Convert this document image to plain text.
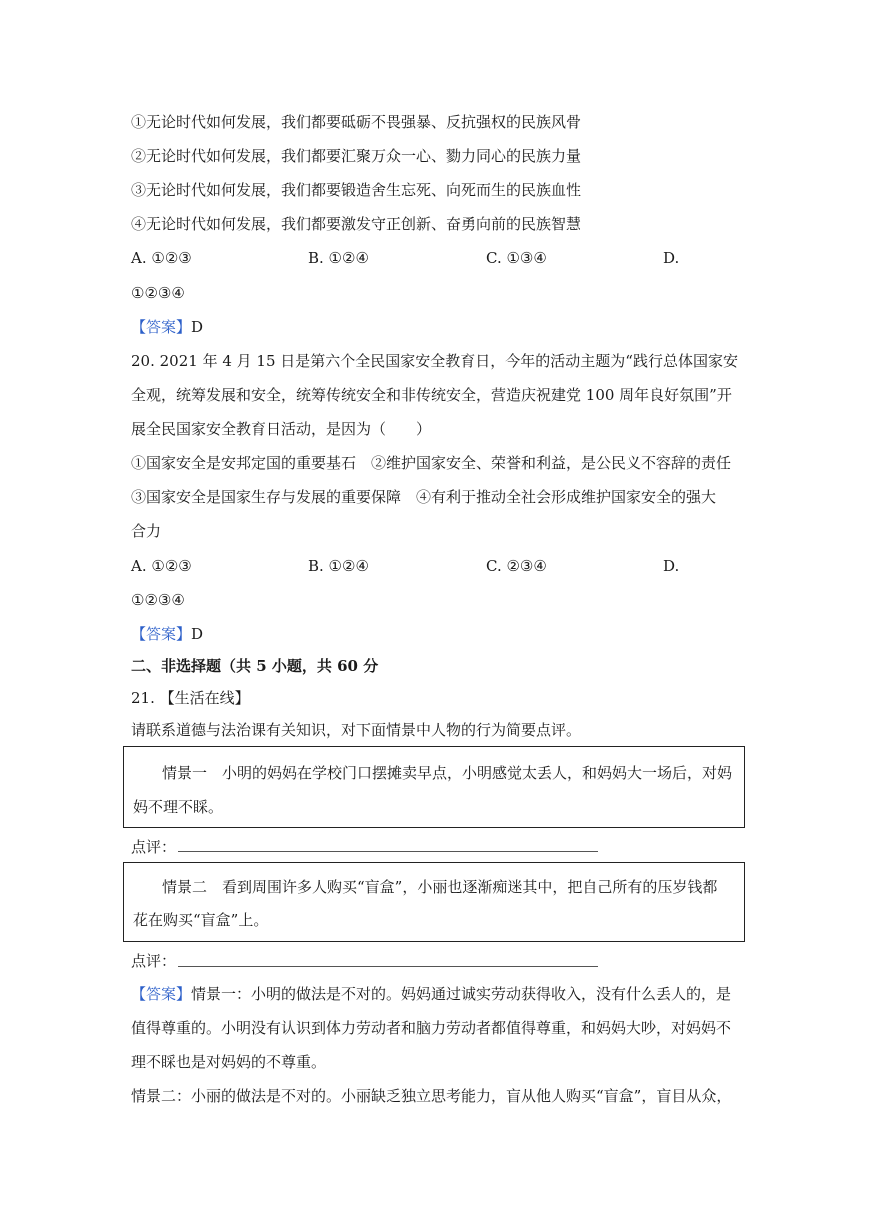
①无论时代如何发展，我们都要砥砺不畏强暴、反抗强权的民族风骨
②无论时代如何发展，我们都要汇聚万众一心、勠力同心的民族力量
③无论时代如何发展，我们都要锻造舍生忘死、向死而生的民族血性
④无论时代如何发展，我们都要激发守正创新、奋勇向前的民族智慧
A. ①②③	B. ①②④	C. ①③④	D.
①②③④
【答案】D
20. 2021 年 4 月 15 日是第六个全民国家安全教育日，今年的活动主题为“践行总体国家安
全观，统筹发展和安全，统筹传统安全和非传统安全，营造庆祝建党 100 周年良好氛围”开
展全民国家安全教育日活动，是因为（　　）
①国家安全是安邦定国的重要基石　②维护国家安全、荣誉和利益，是公民义不容辞的责任
③国家安全是国家生存与发展的重要保障　④有利于推动全社会形成维护国家安全的强大
合力
A. ①②③	B. ①②④	C. ②③④	D.
①②③④
【答案】D
二、非选择题（共 5 小题，共 60 分
21. 【生活在线】
请联系道德与法治课有关知识，对下面情景中人物的行为简要点评。
情景一　小明的妈妈在学校门口摆摊卖早点，小明感觉太丢人，和妈妈大一场后，对妈
妈不理不睬。
点评：
情景二　看到周围许多人购买“盲盒”，小丽也逐渐痴迷其中，把自己所有的压岁钱都
花在购买“盲盒”上。
点评：
【答案】情景一：小明的做法是不对的。妈妈通过诚实劳动获得收入，没有什么丢人的，是
值得尊重的。小明没有认识到体力劳动者和脑力劳动者都值得尊重，和妈妈大吵，对妈妈不
理不睬也是对妈妈的不尊重。
情景二：小丽的做法是不对的。小丽缺乏独立思考能力，盲从他人购买“盲盒”，盲目从众，
